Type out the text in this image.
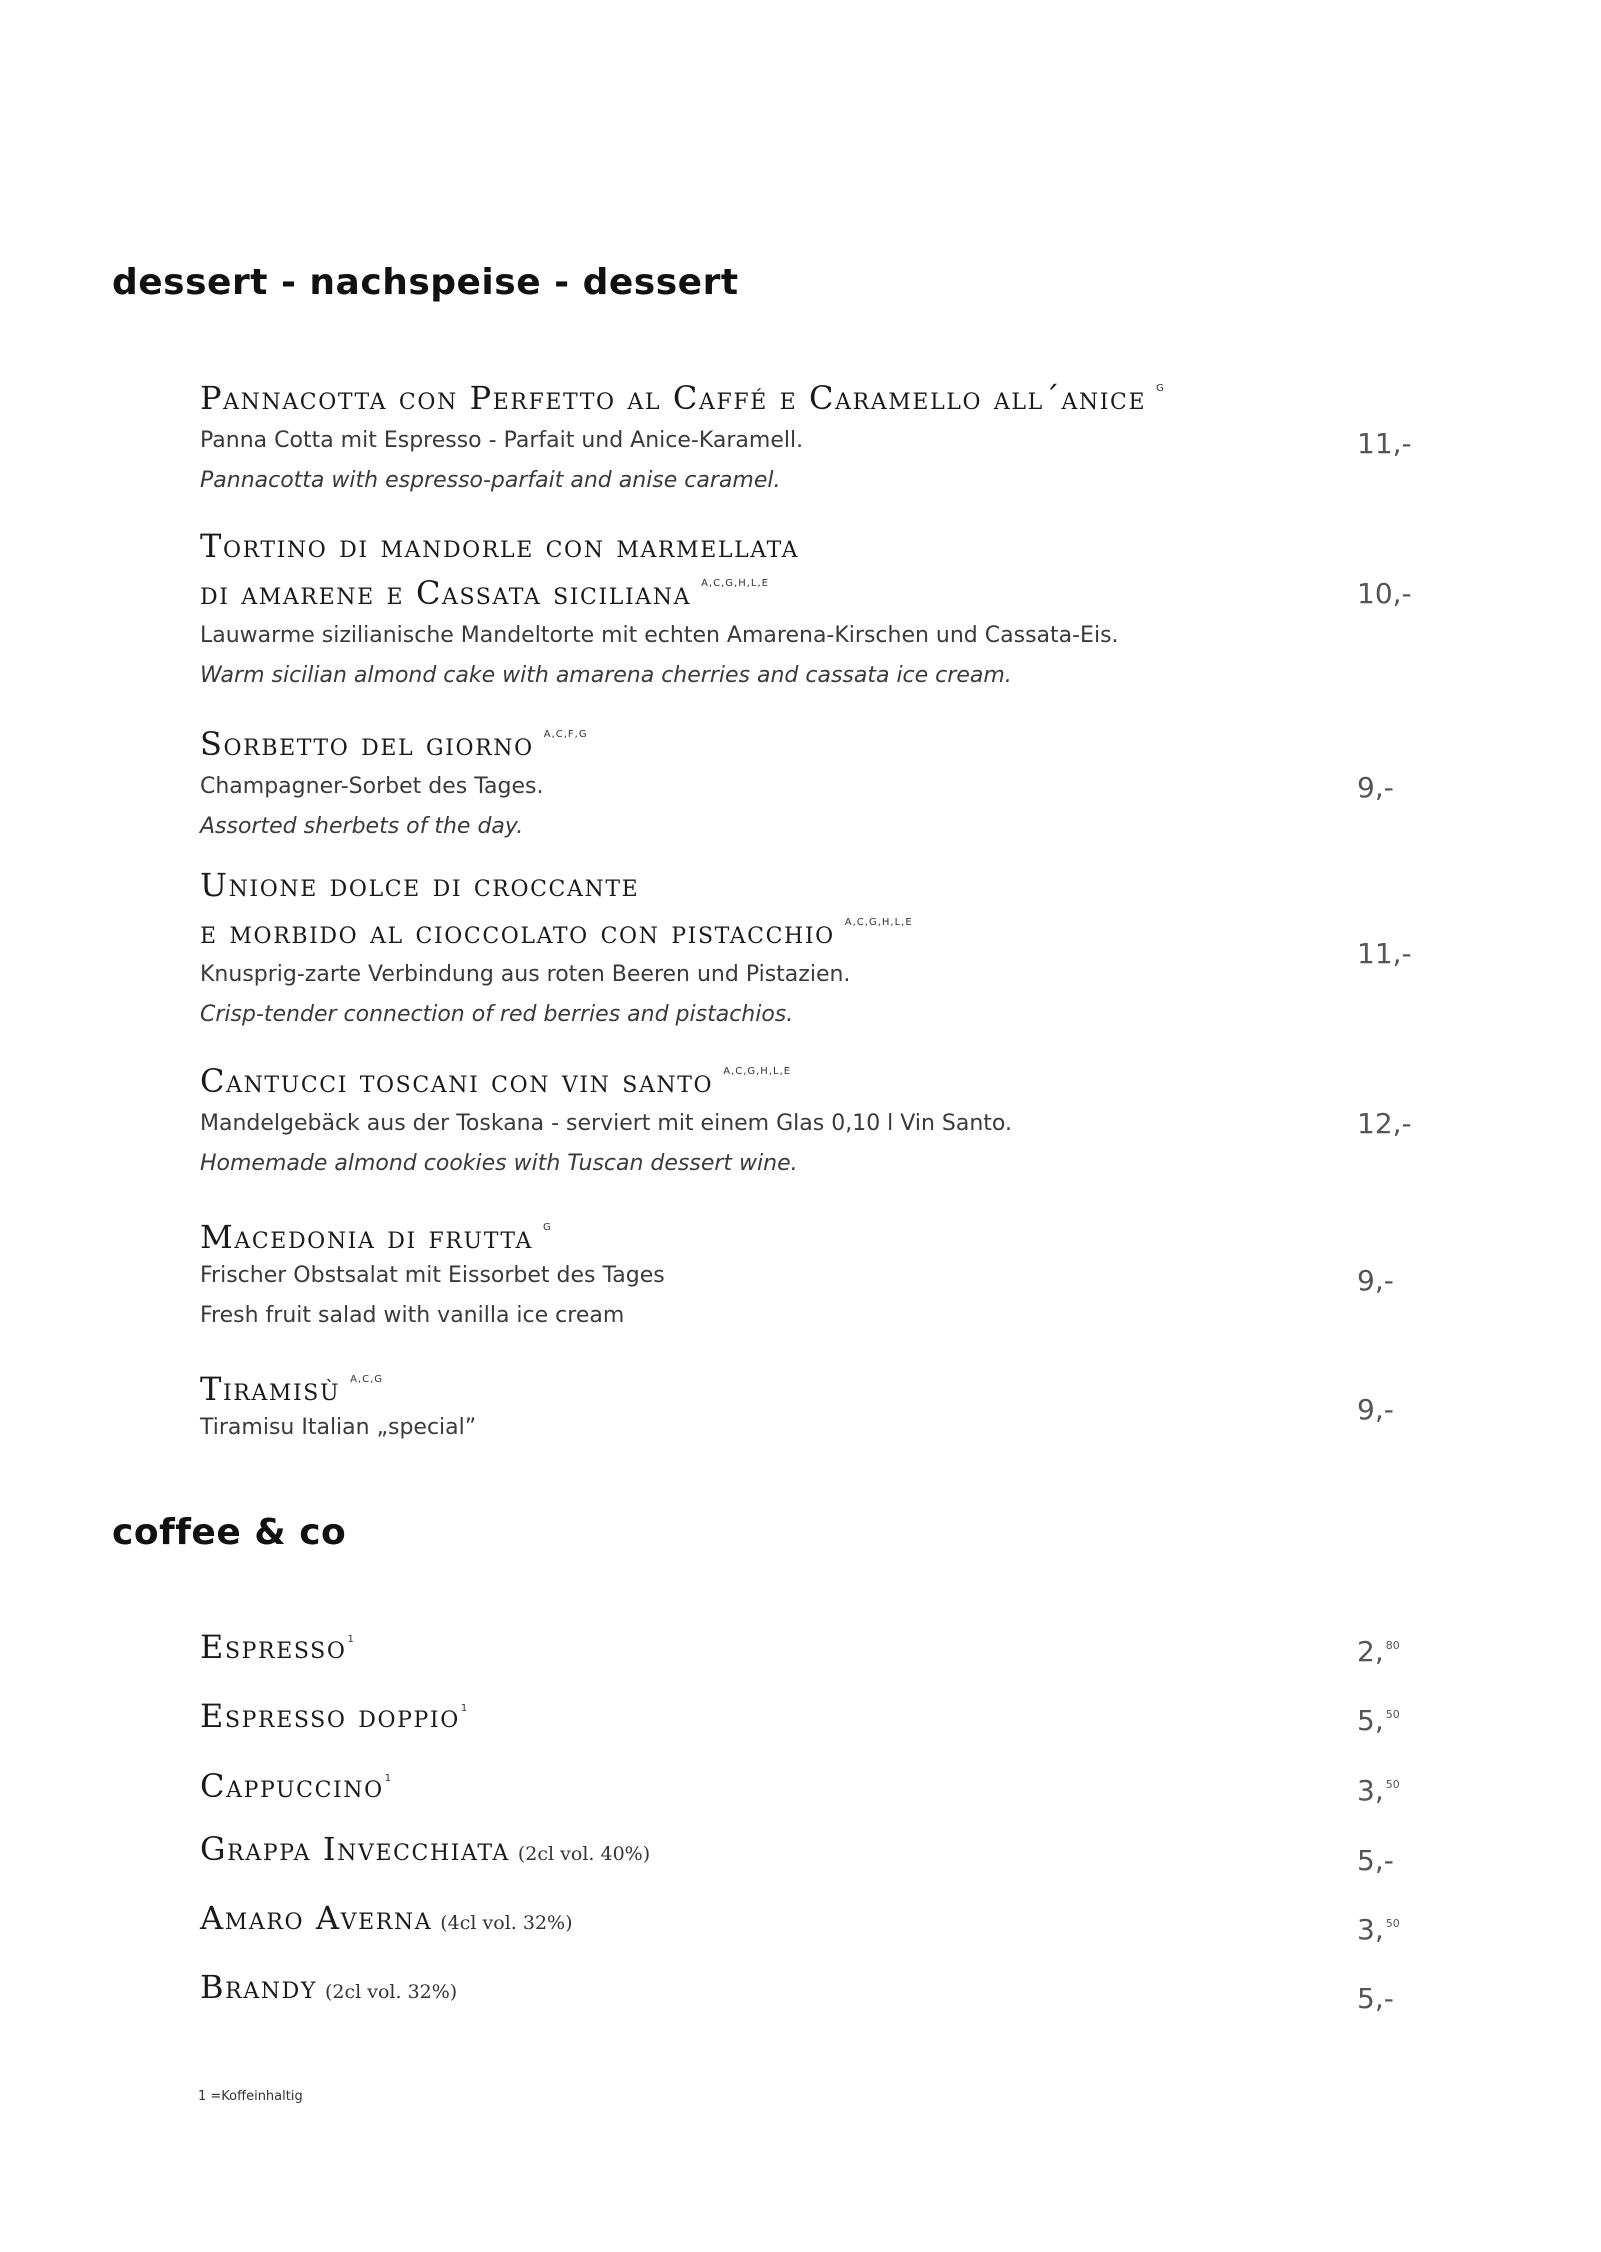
dessert - nachspeise - dessert
Pannacotta con Perfetto al Caffé e Caramello all´anice $^G$
Panna Cotta mit Espresso - Parfait und Anice-Karamell.
Pannacotta with espresso-parfait and anise caramel.
11,-
Tortino di mandorle con marmellata
di amarene e Cassata siciliana $^{A,C,G,H,L,E}$
Lauwarme sizilianische Mandeltorte mit echten Amarena-Kirschen und Cassata-Eis.
Warm sicilian almond cake with amarena cherries and cassata ice cream.
10,-
Sorbetto del giorno $^{A,C,F,G}$
Champagner-Sorbet des Tages.
Assorted sherbets of the day.
9,-
Unione dolce di croccante
e morbido al cioccolato con pistacchio $^{A,C,G,H,L,E}$
Knusprig-zarte Verbindung aus roten Beeren und Pistazien.
Crisp-tender connection of red berries and pistachios.
11,-
Cantucci toscani con vin santo $^{A,C,G,H,L,E}$
Mandelgebäck aus der Toskana - serviert mit einem Glas 0,10 l Vin Santo.
Homemade almond cookies with Tuscan dessert wine.
12,-
Macedonia di frutta $^G$
Frischer Obstsalat mit Eissorbet des Tages
Fresh fruit salad with vanilla ice cream
9,-
Tiramisù $^{A,C,G}$
Tiramisu Italian „special”
9,-
coffee & co
Espresso$^1$	2, $^{80}$
Espresso doppio$^1$	5, $^{50}$
Cappuccino$^1$	3, $^{50}$
Grappa Invecchiata (2cl vol. 40%)	5,-
Amaro Averna (4cl vol. 32%)	3, $^{50}$
Brandy (2cl vol. 32%)	5,-
1 =Koffeinhaltig
